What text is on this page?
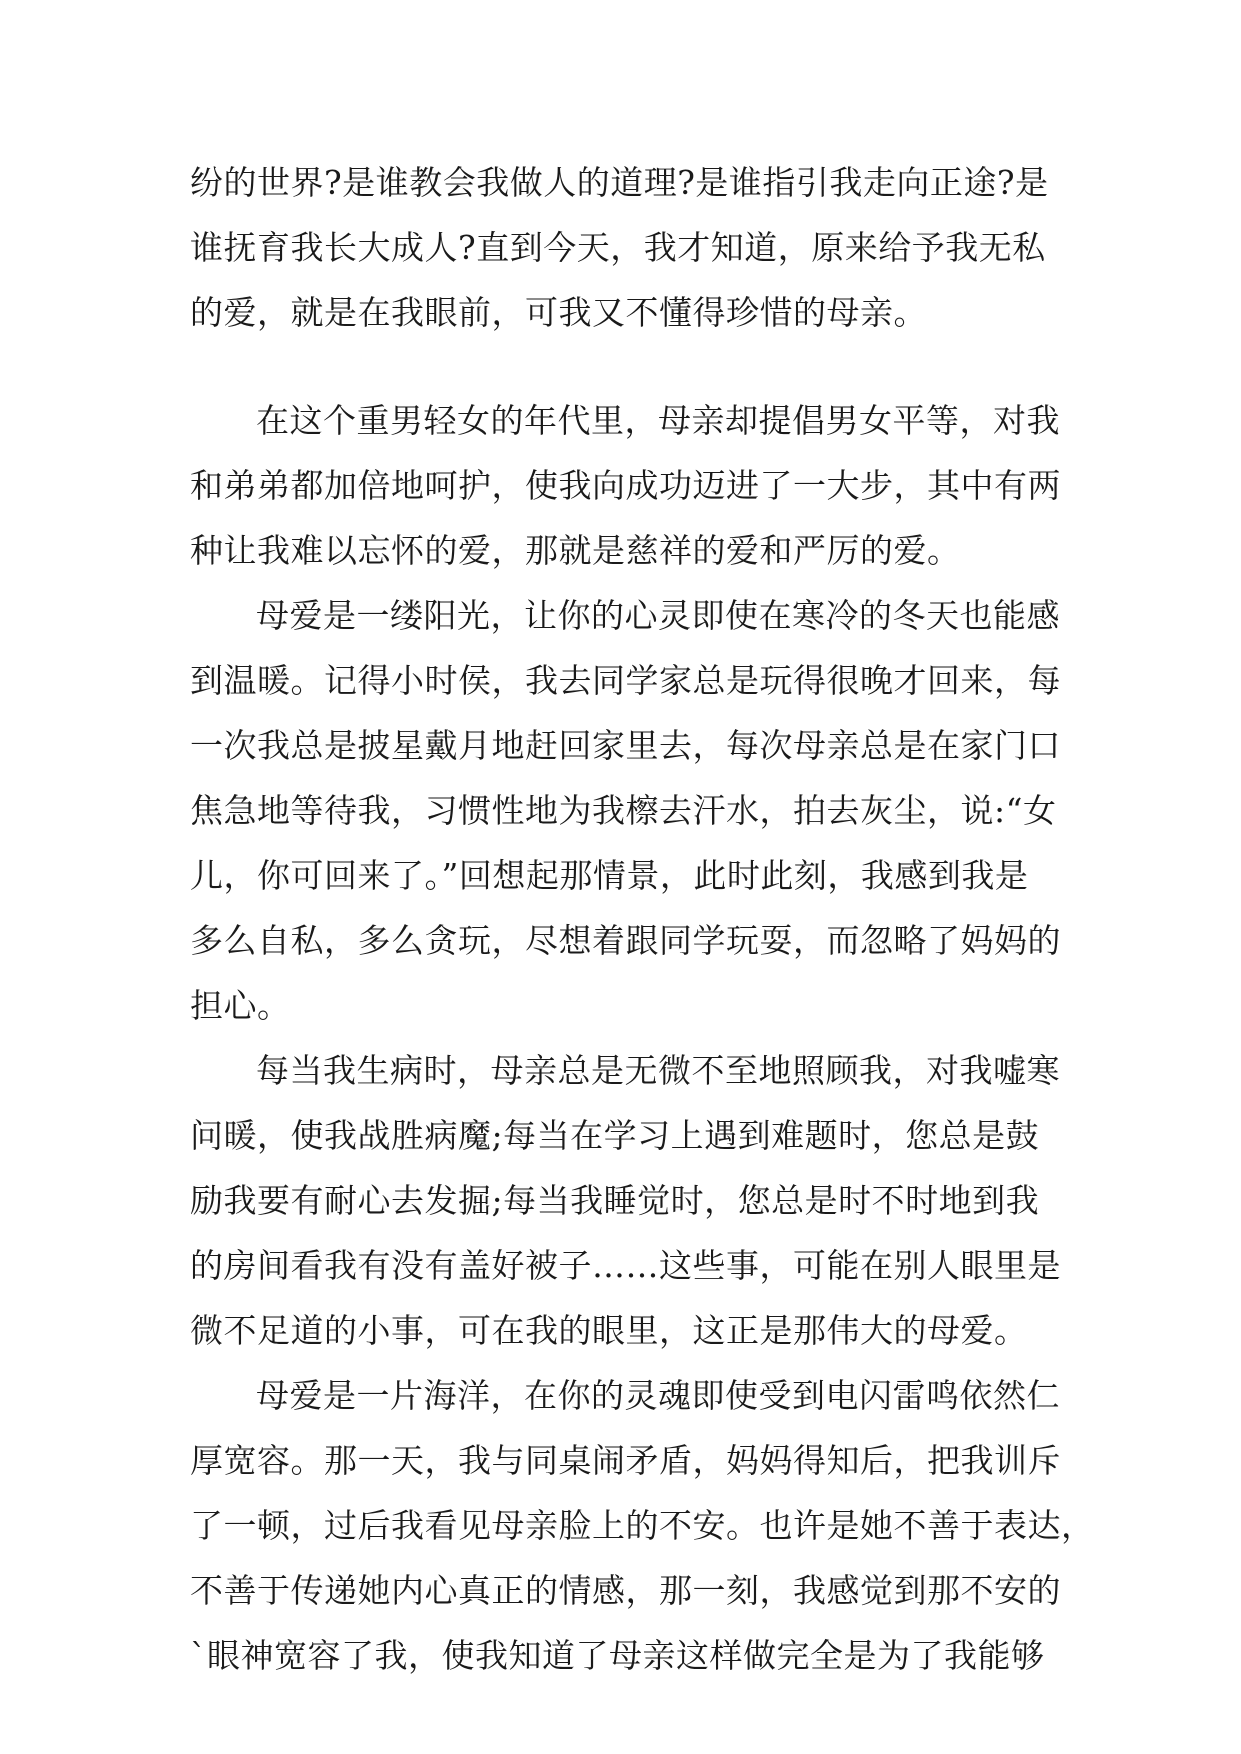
纷的世界?是谁教会我做人的道理?是谁指引我走向正途?是
谁抚育我长大成人?直到今天，我才知道，原来给予我无私
的爱，就是在我眼前，可我又不懂得珍惜的母亲。
在这个重男轻女的年代里，母亲却提倡男女平等，对我
和弟弟都加倍地呵护，使我向成功迈进了一大步，其中有两
种让我难以忘怀的爱，那就是慈祥的爱和严厉的爱。
母爱是一缕阳光，让你的心灵即使在寒冷的冬天也能感
到温暖。记得小时侯，我去同学家总是玩得很晚才回来，每
一次我总是披星戴月地赶回家里去，每次母亲总是在家门口
焦急地等待我，习惯性地为我檫去汗水，拍去灰尘，说:“女
儿，你可回来了。”回想起那情景，此时此刻，我感到我是
多么自私，多么贪玩，尽想着跟同学玩耍，而忽略了妈妈的
担心。
每当我生病时，母亲总是无微不至地照顾我，对我嘘寒
问暖，使我战胜病魔;每当在学习上遇到难题时，您总是鼓
励我要有耐心去发掘;每当我睡觉时，您总是时不时地到我
的房间看我有没有盖好被子……这些事，可能在别人眼里是
微不足道的小事，可在我的眼里，这正是那伟大的母爱。
母爱是一片海洋，在你的灵魂即使受到电闪雷鸣依然仁
厚宽容。那一天，我与同桌闹矛盾，妈妈得知后，把我训斥
了一顿，过后我看见母亲脸上的不安。也许是她不善于表达，
不善于传递她内心真正的情感，那一刻，我感觉到那不安的
`眼神宽容了我，使我知道了母亲这样做完全是为了我能够
